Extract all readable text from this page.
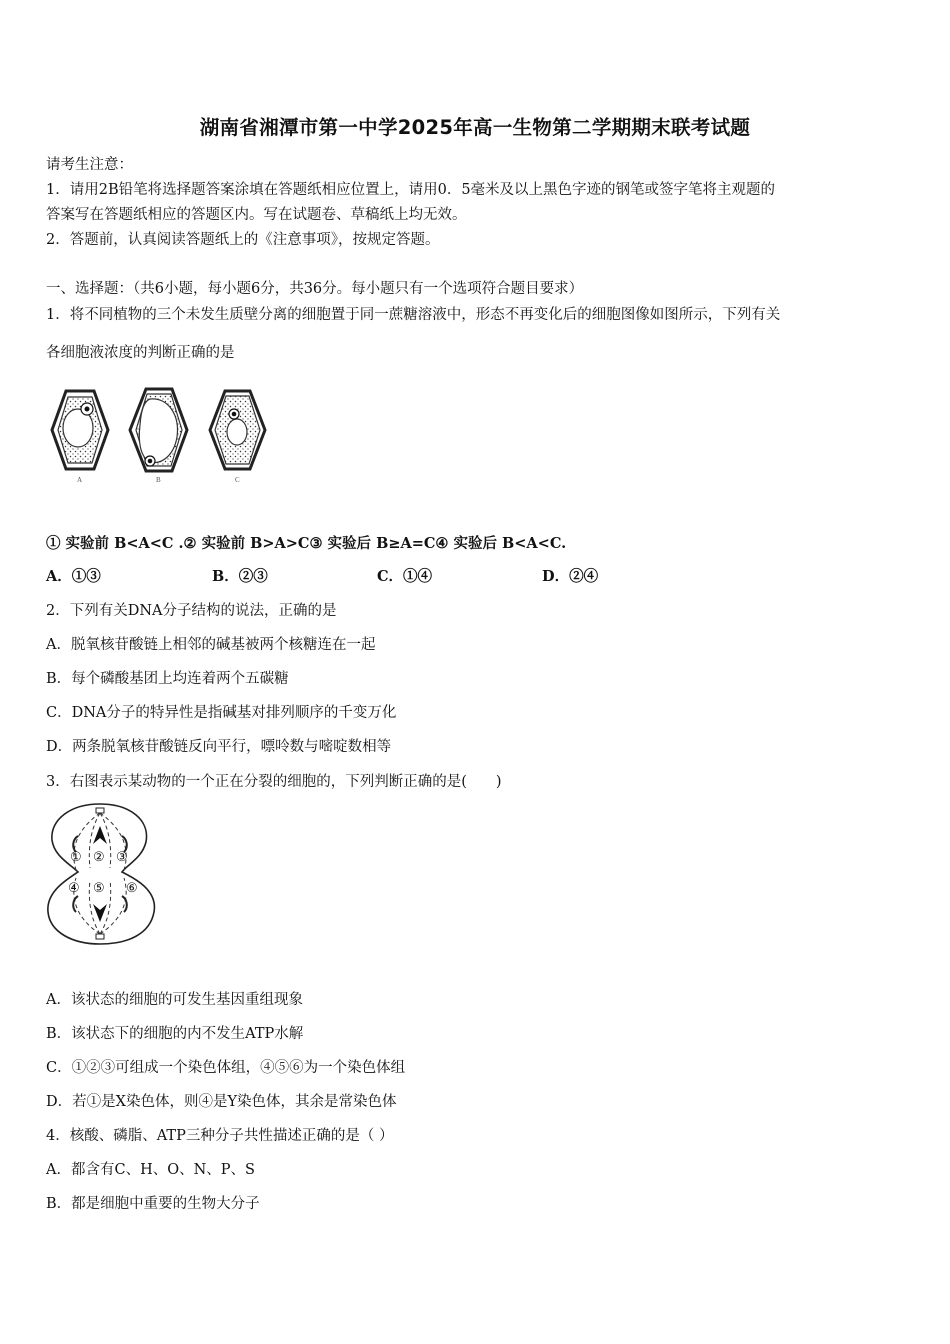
湖南省湘潭市第一中学2025年高一生物第二学期期末联考试题
请考生注意：
1．请用2B铅笔将选择题答案涂填在答题纸相应位置上，请用0．5毫米及以上黑色字迹的钢笔或签字笔将主观题的
答案写在答题纸相应的答题区内。写在试题卷、草稿纸上均无效。
2．答题前，认真阅读答题纸上的《注意事项》，按规定答题。
一、选择题：（共6小题，每小题6分，共36分。每小题只有一个选项符合题目要求）
1．将不同植物的三个未发生质壁分离的细胞置于同一蔗糖溶液中，形态不再变化后的细胞图像如图所示，下列有关
各细胞液浓度的判断正确的是
A	B	C
① 实验前 B<A<C .② 实验前 B>A>C③ 实验后 B≥A=C④ 实验后 B<A<C.
A．①③	B．②③	C．①④	D．②④
2．下列有关DNA分子结构的说法，正确的是
A．脱氧核苷酸链上相邻的碱基被两个核糖连在一起
B．每个磷酸基团上均连着两个五碳糖
C．DNA分子的特异性是指碱基对排列顺序的千变万化
D．两条脱氧核苷酸链反向平行，嘌呤数与嘧啶数相等
3．右图表示某动物的一个正在分裂的细胞的，下列判断正确的是(　　)
① ② ③
④ ⑤ ⑥
A．该状态的细胞的可发生基因重组现象
B．该状态下的细胞的内不发生ATP水解
C．①②③可组成一个染色体组，④⑤⑥为一个染色体组
D．若①是X染色体，则④是Y染色体，其余是常染色体
4．核酸、磷脂、ATP三种分子共性描述正确的是（ ）
A．都含有C、H、O、N、P、S
B．都是细胞中重要的生物大分子
